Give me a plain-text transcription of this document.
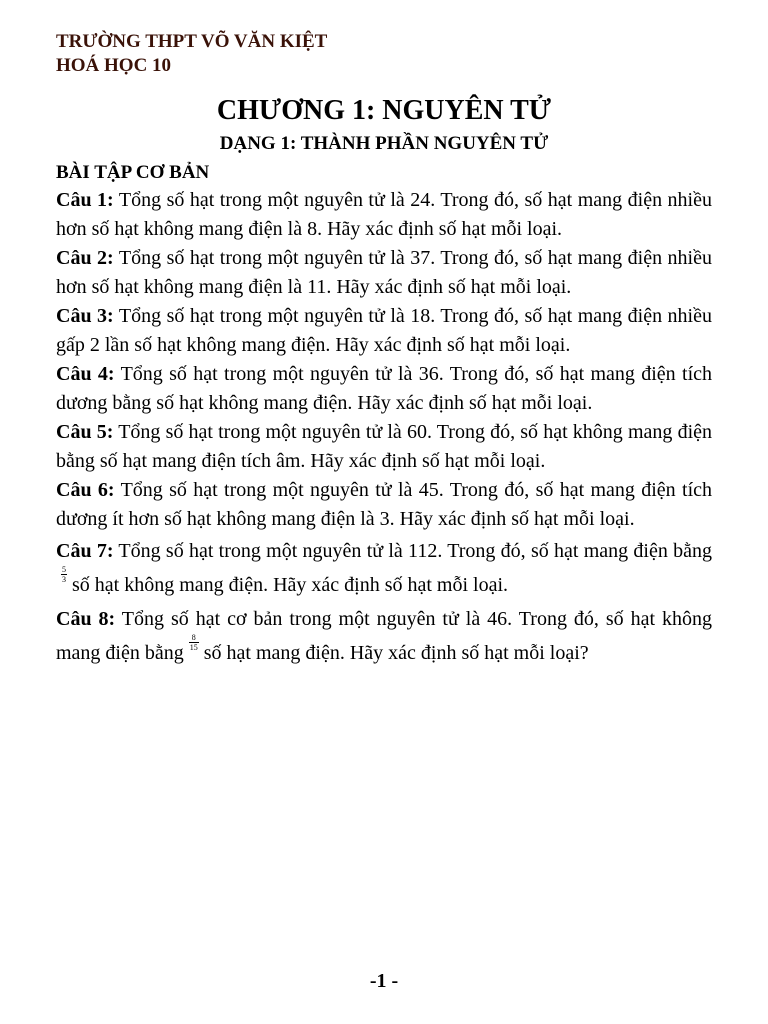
TRƯỜNG THPT VÕ VĂN KIỆT
HOÁ HỌC 10
CHƯƠNG 1: NGUYÊN TỬ
DẠNG 1: THÀNH PHẦN NGUYÊN TỬ
BÀI TẬP CƠ BẢN
Câu 1: Tổng số hạt trong một nguyên tử là 24. Trong đó, số hạt mang điện nhiều hơn số hạt không mang điện là 8. Hãy xác định số hạt mỗi loại.
Câu 2: Tổng số hạt trong một nguyên tử là 37. Trong đó, số hạt mang điện nhiều hơn số hạt không mang điện là 11. Hãy xác định số hạt mỗi loại.
Câu 3: Tổng số hạt trong một nguyên tử là 18. Trong đó, số hạt mang điện nhiều gấp 2 lần số hạt không mang điện. Hãy xác định số hạt mỗi loại.
Câu 4: Tổng số hạt trong một nguyên tử là 36. Trong đó, số hạt mang điện tích dương bằng số hạt không mang điện. Hãy xác định số hạt mỗi loại.
Câu 5: Tổng số hạt trong một nguyên tử là 60. Trong đó, số hạt không mang điện bằng số hạt mang điện tích âm. Hãy xác định số hạt mỗi loại.
Câu 6: Tổng số hạt trong một nguyên tử là 45. Trong đó, số hạt mang điện tích dương ít hơn số hạt không mang điện là 3. Hãy xác định số hạt mỗi loại.
Câu 7: Tổng số hạt trong một nguyên tử là 112. Trong đó, số hạt mang điện bằng
$\frac{5}{3}$ số hạt không mang điện. Hãy xác định số hạt mỗi loại.
Câu 8: Tổng số hạt cơ bản trong một nguyên tử là 46. Trong đó, số hạt không mang điện bằng $\frac{8}{15}$ số hạt mang điện. Hãy xác định số hạt mỗi loại?
-1 -
